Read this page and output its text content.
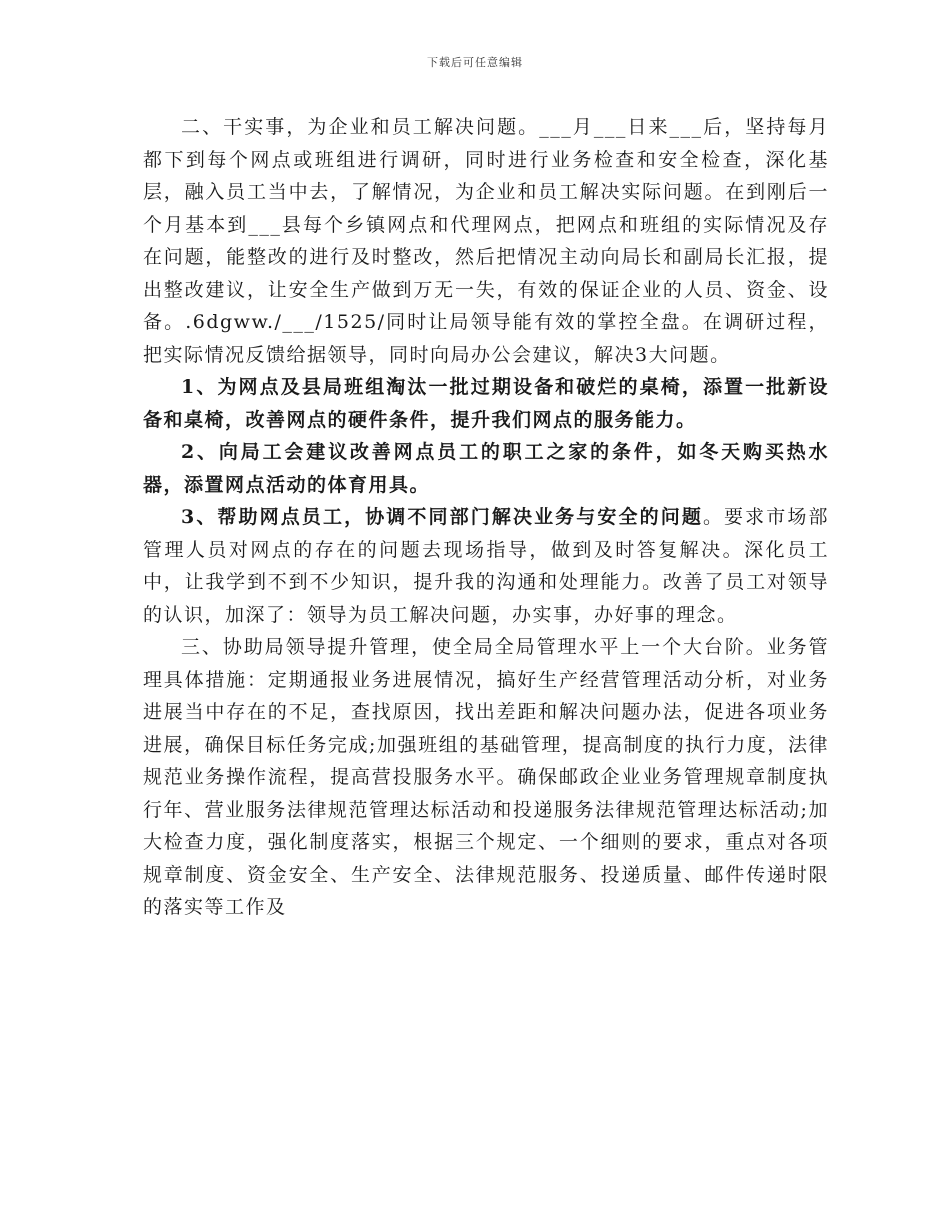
下载后可任意编辑

二、干实事，为企业和员工解决问题。___月___日来___后，坚持每月都下到每个网点或班组进行调研，同时进行业务检查和安全检查，深化基层，融入员工当中去，了解情况，为企业和员工解决实际问题。在到刚后一个月基本到___县每个乡镇网点和代理网点，把网点和班组的实际情况及存在问题，能整改的进行及时整改，然后把情况主动向局长和副局长汇报，提出整改建议，让安全生产做到万无一失，有效的保证企业的人员、资金、设备。.6dgww./___/1525/同时让局领导能有效的掌控全盘。在调研过程，把实际情况反馈给据领导，同时向局办公会建议，解决3大问题。

1、为网点及县局班组淘汰一批过期设备和破烂的桌椅，添置一批新设备和桌椅，改善网点的硬件条件，提升我们网点的服务能力。

2、向局工会建议改善网点员工的职工之家的条件，如冬天购买热水器，添置网点活动的体育用具。

3、帮助网点员工，协调不同部门解决业务与安全的问题。要求市场部管理人员对网点的存在的问题去现场指导，做到及时答复解决。深化员工中，让我学到不到不少知识，提升我的沟通和处理能力。改善了员工对领导的认识，加深了：领导为员工解决问题，办实事，办好事的理念。

三、协助局领导提升管理，使全局全局管理水平上一个大台阶。业务管理具体措施：定期通报业务进展情况，搞好生产经营管理活动分析，对业务进展当中存在的不足，查找原因，找出差距和解决问题办法，促进各项业务进展，确保目标任务完成;加强班组的基础管理，提高制度的执行力度，法律规范业务操作流程，提高营投服务水平。确保邮政企业业务管理规章制度执行年、营业服务法律规范管理达标活动和投递服务法律规范管理达标活动;加大检查力度，强化制度落实，根据三个规定、一个细则的要求，重点对各项规章制度、资金安全、生产安全、法律规范服务、投递质量、邮件传递时限的落实等工作及
